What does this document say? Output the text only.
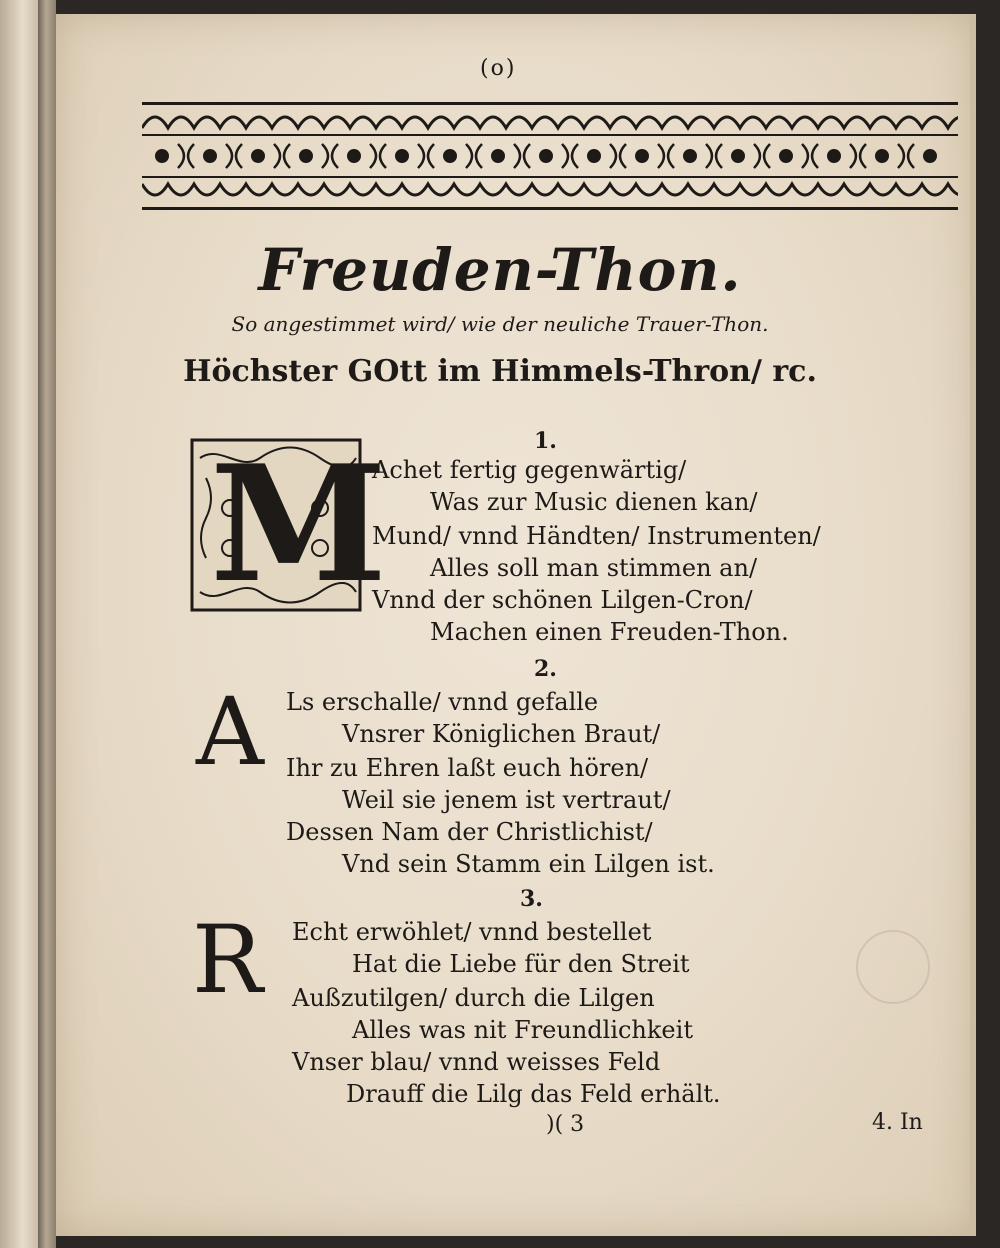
(o)
Freuden-Thon.
So angestimmet wird/ wie der neuliche Trauer-Thon.
Höchster GOtt im Himmels-Thron/ rc.
1.
M
Achet fertig gegenwärtig/
Was zur Music dienen kan/
Mund/ vnnd Händten/ Instrumenten/
Alles soll man stimmen an/
Vnnd der schönen Lilgen-Cron/
Machen einen Freuden-Thon.
2.
A Ls erschalle/ vnnd gefalle
Vnsrer Königlichen Braut/
Ihr zu Ehren laßt euch hören/
Weil sie jenem ist vertraut/
Dessen Nam der Christlichist/
Vnd sein Stamm ein Lilgen ist.
3.
R Echt erwöhlet/ vnnd bestellet
Hat die Liebe für den Streit
Außzutilgen/ durch die Lilgen
Alles was nit Freundlichkeit
Vnser blau/ vnnd weisses Feld
Drauff die Lilg das Feld erhält.
)( 3	4. In
